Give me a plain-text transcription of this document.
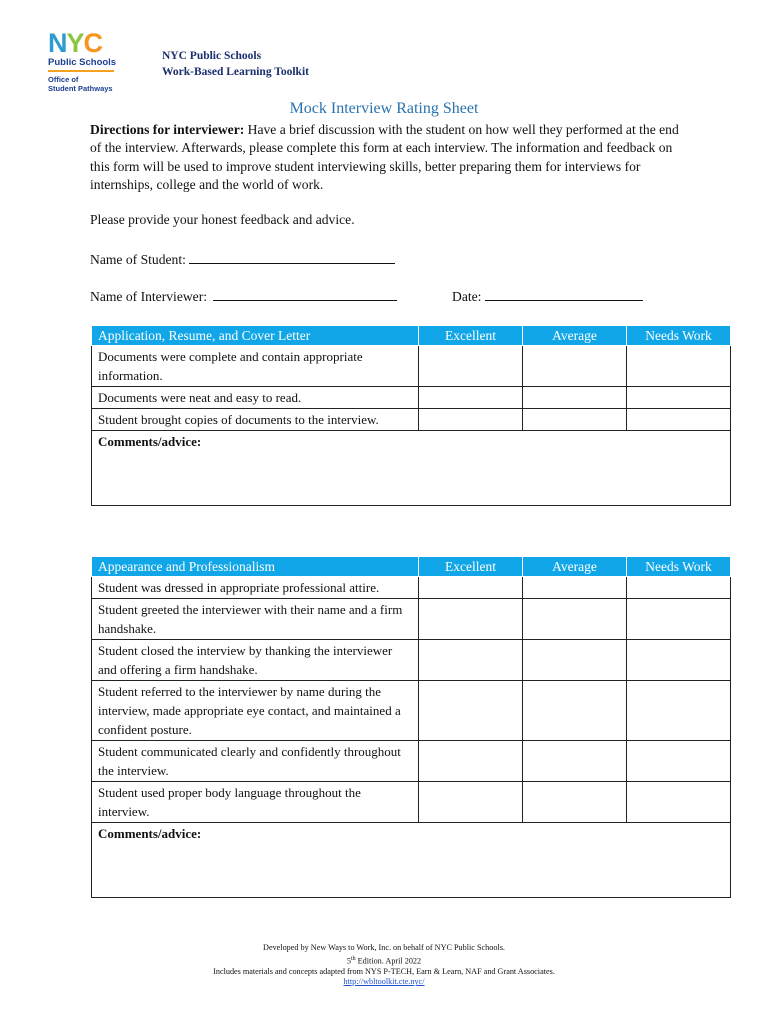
NYC
Public Schools
Office of
Student Pathways
NYC Public Schools
Work-Based Learning Toolkit
Mock Interview Rating Sheet
Directions for interviewer: Have a brief discussion with the student on how well they performed at the end of the interview. Afterwards, please complete this form at each interview. The information and feedback on this form will be used to improve student interviewing skills, better preparing them for interviews for internships, college and the world of work.
Please provide your honest feedback and advice.
Name of Student:
Name of Interviewer:	Date:
Application, Resume, and Cover Letter	Excellent	Average	Needs Work
Documents were complete and contain appropriate information.			
Documents were neat and easy to read.			
Student brought copies of documents to the interview.			
Comments/advice:			
Appearance and Professionalism	Excellent	Average	Needs Work
Student was dressed in appropriate professional attire.			
Student greeted the interviewer with their name and a firm handshake.			
Student closed the interview by thanking the interviewer and offering a firm handshake.			
Student referred to the interviewer by name during the interview, made appropriate eye contact, and maintained a confident posture.			
Student communicated clearly and confidently throughout the interview.			
Student used proper body language throughout the interview.			
Comments/advice:			
Developed by New Ways to Work, Inc. on behalf of NYC Public Schools.
5th Edition. April 2022
Includes materials and concepts adapted from NYS P-TECH, Earn & Learn, NAF and Grant Associates.
http://wbltoolkit.cte.nyc/
